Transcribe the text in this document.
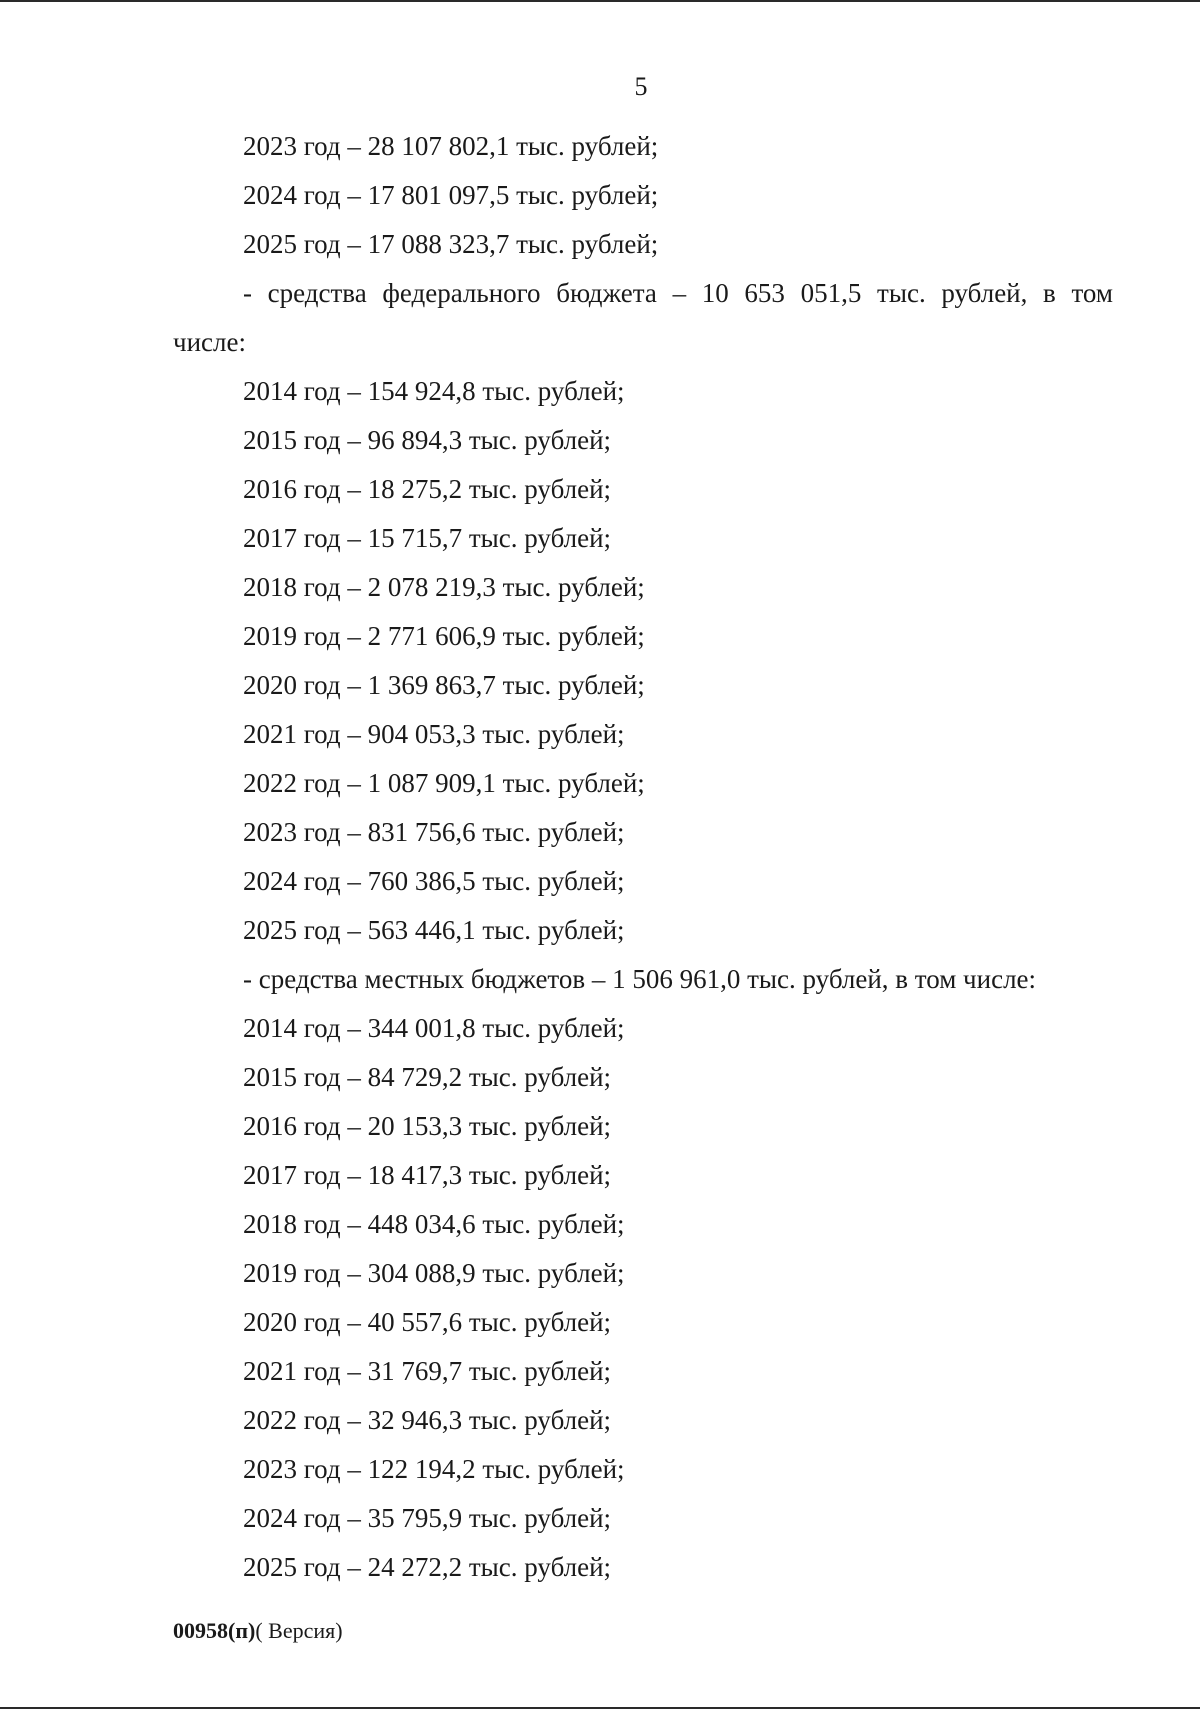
5
2023 год – 28 107 802,1 тыс. рублей;
2024 год – 17 801 097,5 тыс. рублей;
2025 год – 17 088 323,7 тыс. рублей;
- средства федерального бюджета – 10 653 051,5 тыс. рублей, в том
числе:
2014 год – 154 924,8 тыс. рублей;
2015 год – 96 894,3 тыс. рублей;
2016 год – 18 275,2 тыс. рублей;
2017 год – 15 715,7 тыс. рублей;
2018 год – 2 078 219,3 тыс. рублей;
2019 год – 2 771 606,9 тыс. рублей;
2020 год – 1 369 863,7 тыс. рублей;
2021 год – 904 053,3 тыс. рублей;
2022 год – 1 087 909,1 тыс. рублей;
2023 год – 831 756,6 тыс. рублей;
2024 год – 760 386,5 тыс. рублей;
2025 год – 563 446,1 тыс. рублей;
- средства местных бюджетов – 1 506 961,0 тыс. рублей, в том числе:
2014 год – 344 001,8 тыс. рублей;
2015 год – 84 729,2 тыс. рублей;
2016 год – 20 153,3 тыс. рублей;
2017 год – 18 417,3 тыс. рублей;
2018 год – 448 034,6 тыс. рублей;
2019 год – 304 088,9 тыс. рублей;
2020 год – 40 557,6 тыс. рублей;
2021 год – 31 769,7 тыс. рублей;
2022 год – 32 946,3 тыс. рублей;
2023 год – 122 194,2 тыс. рублей;
2024 год – 35 795,9 тыс. рублей;
2025 год – 24 272,2 тыс. рублей;
00958(п)( Версия)
